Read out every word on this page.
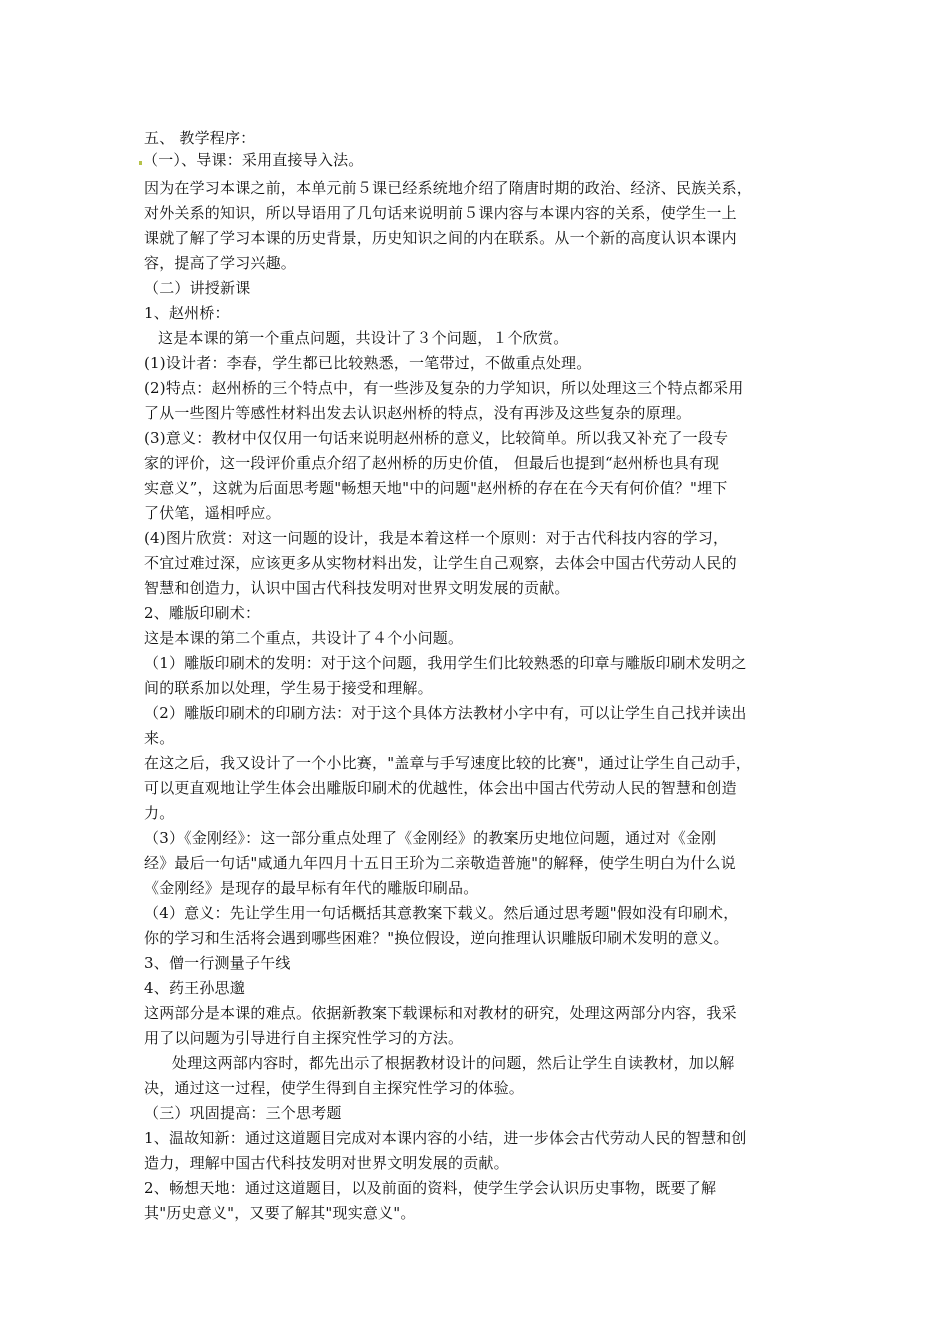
五、 教学程序：
（一）、导课：采用直接导入法。
因为在学习本课之前，本单元前５课已经系统地介绍了隋唐时期的政治、经济、民族关系，
对外关系的知识，所以导语用了几句话来说明前５课内容与本课内容的关系，使学生一上
课就了解了学习本课的历史背景，历史知识之间的内在联系。从一个新的高度认识本课内
容，提高了学习兴趣。
（二）讲授新课
1、赵州桥：
这是本课的第一个重点问题，共设计了３个问题，１个欣赏。
(1)设计者：李春，学生都已比较熟悉，一笔带过，不做重点处理。
(2)特点：赵州桥的三个特点中，有一些涉及复杂的力学知识，所以处理这三个特点都采用
了从一些图片等感性材料出发去认识赵州桥的特点，没有再涉及这些复杂的原理。
(3)意义：教材中仅仅用一句话来说明赵州桥的意义，比较简单。所以我又补充了一段专
家的评价，这一段评价重点介绍了赵州桥的历史价值， 但最后也提到“赵州桥也具有现
实意义”，这就为后面思考题"畅想天地"中的问题"赵州桥的存在在今天有何价值？"埋下
了伏笔，遥相呼应。
(4)图片欣赏：对这一问题的设计，我是本着这样一个原则：对于古代科技内容的学习，
不宜过难过深，应该更多从实物材料出发，让学生自己观察，去体会中国古代劳动人民的
智慧和创造力，认识中国古代科技发明对世界文明发展的贡献。
2、雕版印刷术：
这是本课的第二个重点，共设计了４个小问题。
（1）雕版印刷术的发明：对于这个问题，我用学生们比较熟悉的印章与雕版印刷术发明之
间的联系加以处理，学生易于接受和理解。
（2）雕版印刷术的印刷方法：对于这个具体方法教材小字中有，可以让学生自己找并读出
来。
在这之后，我又设计了一个小比赛，"盖章与手写速度比较的比赛"，通过让学生自己动手，
可以更直观地让学生体会出雕版印刷术的优越性，体会出中国古代劳动人民的智慧和创造
力。
（3）《金刚经》：这一部分重点处理了《金刚经》的教案历史地位问题，通过对《金刚
经》最后一句话"咸通九年四月十五日王玠为二亲敬造普施"的解释，使学生明白为什么说
《金刚经》是现存的最早标有年代的雕版印刷品。
（4）意义：先让学生用一句话概括其意教案下载义。然后通过思考题"假如没有印刷术，
你的学习和生活将会遇到哪些困难？"换位假设，逆向推理认识雕版印刷术发明的意义。
3、僧一行测量子午线
4、药王孙思邈
这两部分是本课的难点。依据新教案下载课标和对教材的研究，处理这两部分内容，我采
用了以问题为引导进行自主探究性学习的方法。
处理这两部内容时，都先出示了根据教材设计的问题，然后让学生自读教材，加以解
决，通过这一过程，使学生得到自主探究性学习的体验。
（三）巩固提高：三个思考题
1、温故知新：通过这道题目完成对本课内容的小结，进一步体会古代劳动人民的智慧和创
造力，理解中国古代科技发明对世界文明发展的贡献。
2、畅想天地：通过这道题目，以及前面的资料，使学生学会认识历史事物，既要了解
其"历史意义"，又要了解其"现实意义"。
